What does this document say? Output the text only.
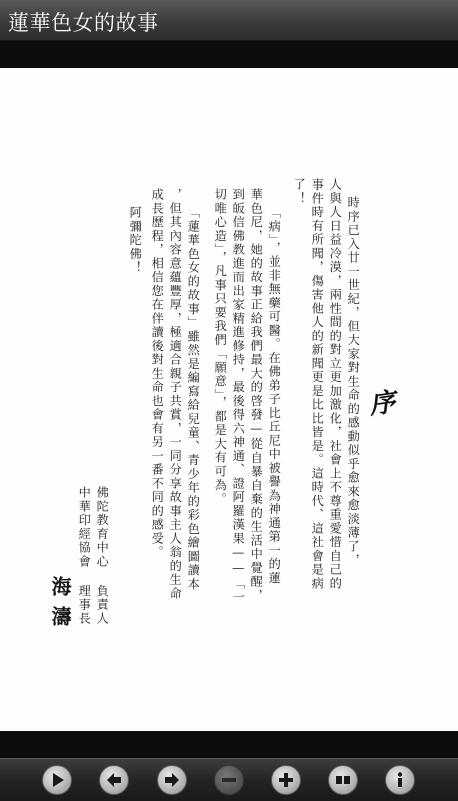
蓮華色女的故事
序
時序已入廿一世紀，但大家對生命的感動似乎愈來愈淡薄了，
人與人日益冷漠，兩性間的對立更加激化，社會上不尊重愛惜自己的
事件時有所聞，傷害他人的新聞更是比比皆是。這時代、這社會是病
了！
「病」，並非無藥可醫。在佛弟子比丘尼中被譽為神通第一的蓮
華色尼，她的故事正給我們最大的啓發—從自暴自棄的生活中覺醒，
到皈信佛教進而出家精進修持，最後得六神通、證阿羅漢果——「一
切唯心造」，凡事只要我們「願意」，都是大有可為。
「蓮華色女的故事」雖然是編寫給兒童、青少年的彩色繪圖讀本
，但其內容意蘊豐厚，極適合親子共賞，一同分享故事主人翁的生命
成長歷程，相信您在伴讀後對生命也會有另一番不同的感受。
阿彌陀佛！
佛陀教育中心 負責人
中華印經協會 理事長
海濤
